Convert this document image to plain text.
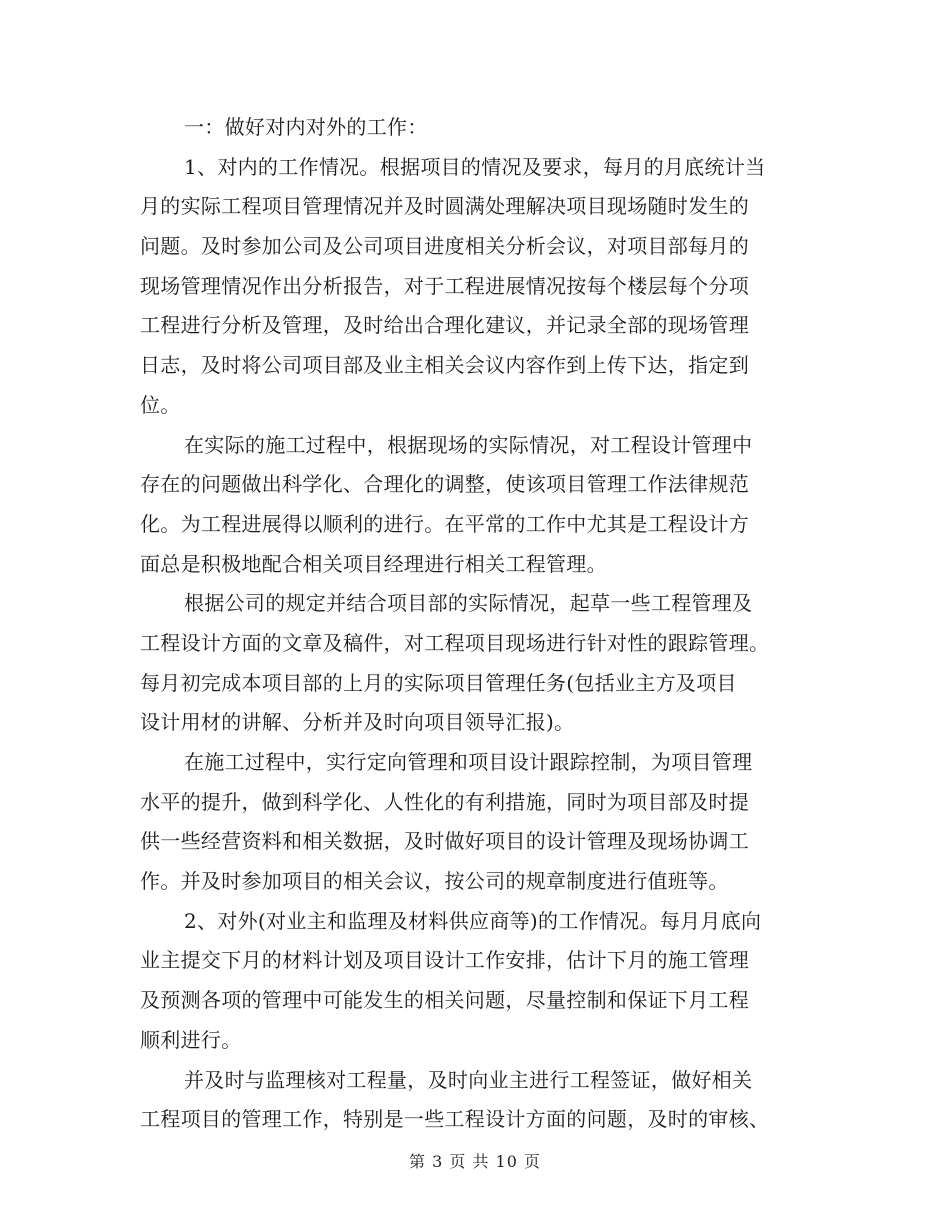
一：做好对内对外的工作：
1、对内的工作情况。根据项目的情况及要求，每月的月底统计当
月的实际工程项目管理情况并及时圆满处理解决项目现场随时发生的
问题。及时参加公司及公司项目进度相关分析会议，对项目部每月的
现场管理情况作出分析报告，对于工程进展情况按每个楼层每个分项
工程进行分析及管理，及时给出合理化建议，并记录全部的现场管理
日志，及时将公司项目部及业主相关会议内容作到上传下达，指定到
位。
在实际的施工过程中，根据现场的实际情况，对工程设计管理中
存在的问题做出科学化、合理化的调整，使该项目管理工作法律规范
化。为工程进展得以顺利的进行。在平常的工作中尤其是工程设计方
面总是积极地配合相关项目经理进行相关工程管理。
根据公司的规定并结合项目部的实际情况，起草一些工程管理及
工程设计方面的文章及稿件，对工程项目现场进行针对性的跟踪管理。
每月初完成本项目部的上月的实际项目管理任务(包括业主方及项目
设计用材的讲解、分析并及时向项目领导汇报)。
在施工过程中，实行定向管理和项目设计跟踪控制，为项目管理
水平的提升，做到科学化、人性化的有利措施，同时为项目部及时提
供一些经营资料和相关数据，及时做好项目的设计管理及现场协调工
作。并及时参加项目的相关会议，按公司的规章制度进行值班等。
2、对外(对业主和监理及材料供应商等)的工作情况。每月月底向
业主提交下月的材料计划及项目设计工作安排，估计下月的施工管理
及预测各项的管理中可能发生的相关问题，尽量控制和保证下月工程
顺利进行。
并及时与监理核对工程量，及时向业主进行工程签证，做好相关
工程项目的管理工作，特别是一些工程设计方面的问题，及时的审核、
第 3 页 共 10 页
